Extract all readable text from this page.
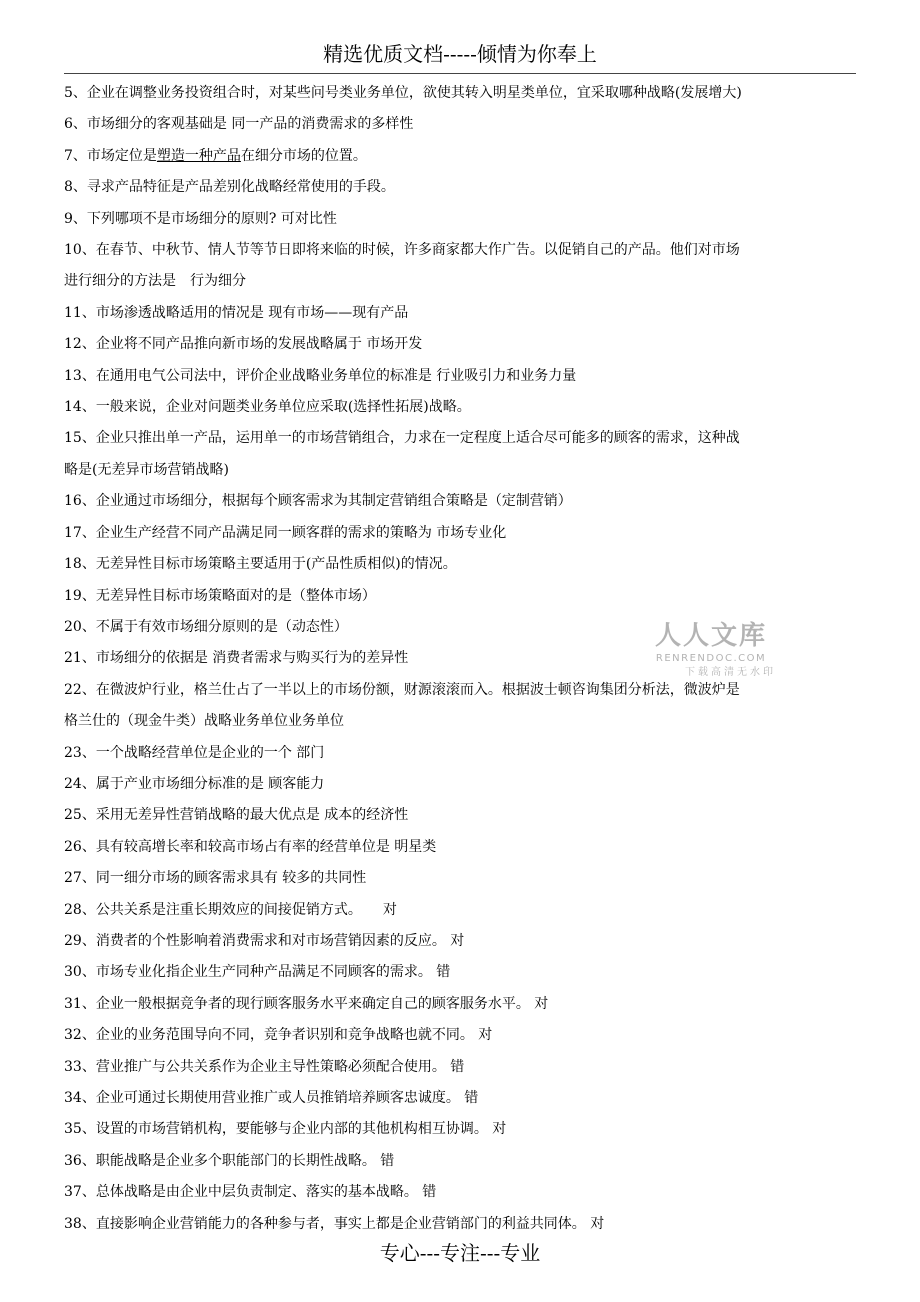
精选优质文档-----倾情为你奉上

5、企业在调整业务投资组合时，对某些问号类业务单位，欲使其转入明星类单位，宜采取哪种战略(发展增大)

6、市场细分的客观基础是 同一产品的消费需求的多样性

7、市场定位是塑造一种产品在细分市场的位置。

8、寻求产品特征是产品差别化战略经常使用的手段。

9、下列哪项不是市场细分的原则? 可对比性

10、在春节、中秋节、情人节等节日即将来临的时候，许多商家都大作广告。以促销自己的产品。他们对市场

进行细分的方法是　行为细分

11、市场渗透战略适用的情况是 现有市场——现有产品

12、企业将不同产品推向新市场的发展战略属于 市场开发

13、在通用电气公司法中，评价企业战略业务单位的标准是 行业吸引力和业务力量

14、一般来说，企业对问题类业务单位应采取(选择性拓展)战略。

15、企业只推出单一产品，运用单一的市场营销组合，力求在一定程度上适合尽可能多的顾客的需求，这种战

略是(无差异市场营销战略)

16、企业通过市场细分，根据每个顾客需求为其制定营销组合策略是（定制营销）

17、企业生产经营不同产品满足同一顾客群的需求的策略为 市场专业化

18、无差异性目标市场策略主要适用于(产品性质相似)的情况。

19、无差异性目标市场策略面对的是（整体市场）

20、不属于有效市场细分原则的是（动态性）

21、市场细分的依据是 消费者需求与购买行为的差异性

22、在微波炉行业，格兰仕占了一半以上的市场份额，财源滚滚而入。根据波士顿咨询集团分析法，微波炉是

格兰仕的（现金牛类）战略业务单位业务单位

23、一个战略经营单位是企业的一个 部门

24、属于产业市场细分标准的是 顾客能力

25、采用无差异性营销战略的最大优点是 成本的经济性

26、具有较高增长率和较高市场占有率的经营单位是 明星类

27、同一细分市场的顾客需求具有 较多的共同性

28、公共关系是注重长期效应的间接促销方式。　　对

29、消费者的个性影响着消费需求和对市场营销因素的反应。 对

30、市场专业化指企业生产同种产品满足不同顾客的需求。 错

31、企业一般根据竞争者的现行顾客服务水平来确定自己的顾客服务水平。 对

32、企业的业务范围导向不同，竞争者识别和竞争战略也就不同。 对

33、营业推广与公共关系作为企业主导性策略必须配合使用。 错

34、企业可通过长期使用营业推广或人员推销培养顾客忠诚度。 错

35、设置的市场营销机构，要能够与企业内部的其他机构相互协调。 对

36、职能战略是企业多个职能部门的长期性战略。 错

37、总体战略是由企业中层负责制定、落实的基本战略。 错

38、直接影响企业营销能力的各种参与者，事实上都是企业营销部门的利益共同体。 对

人人文库
RENRENDOC.COM
下载高清无水印
专心---专注---专业
